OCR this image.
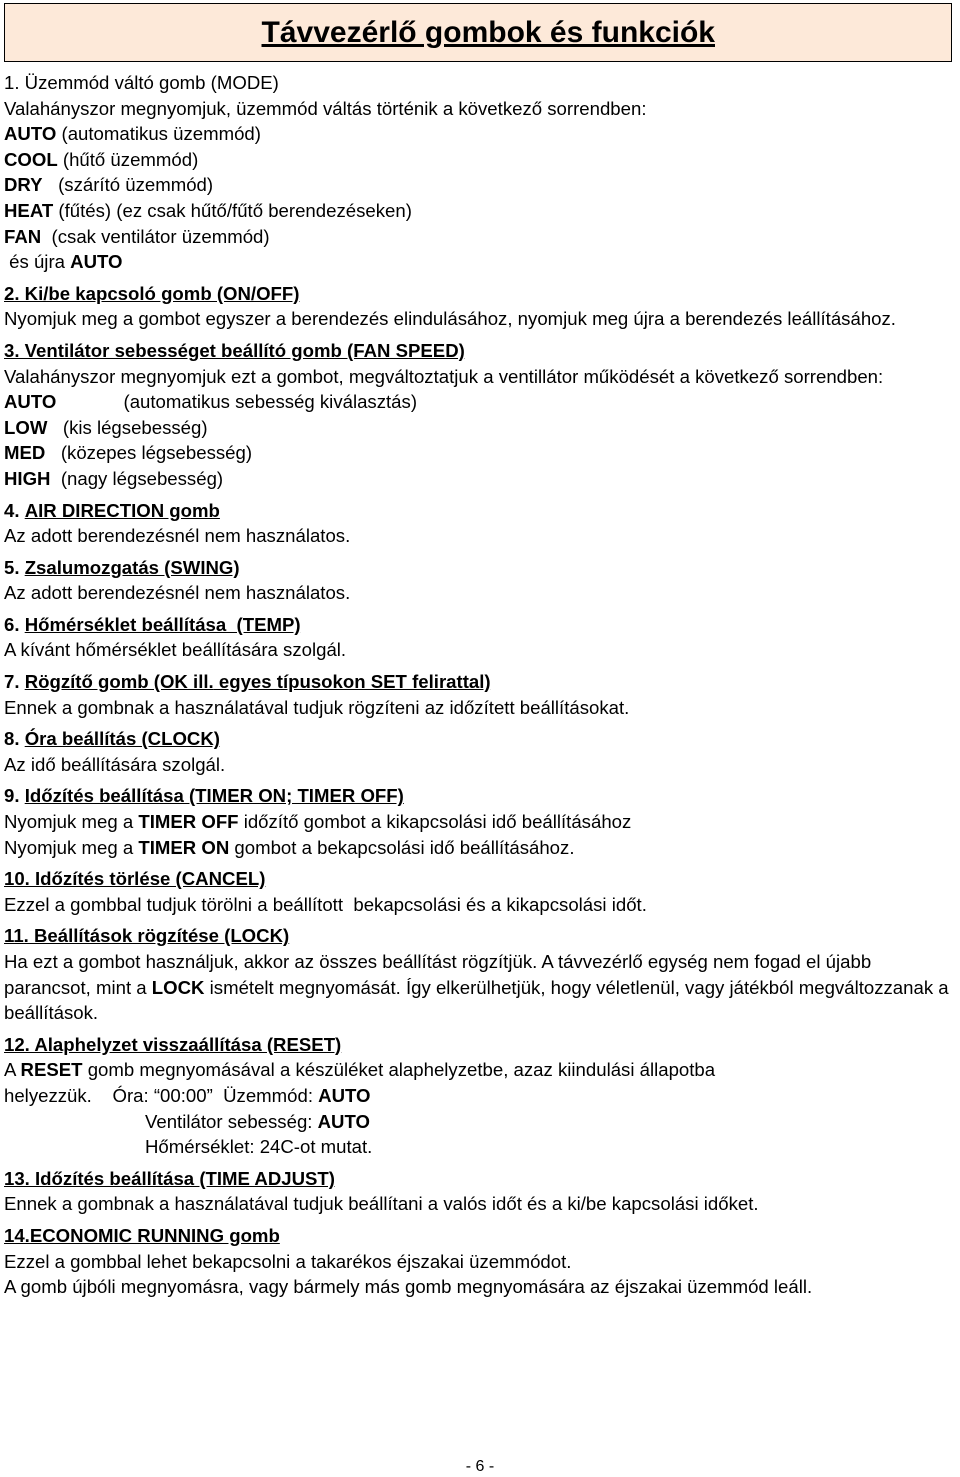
Távvezérlő gombok és funkciók
1. Üzemmód váltó gomb (MODE)
Valahányszor megnyomjuk, üzemmód váltás történik a következő sorrendben:
AUTO (automatikus üzemmód)
COOL (hűtő üzemmód)
DRY (szárító üzemmód)
HEAT (fűtés) (ez csak hűtő/fűtő berendezéseken)
FAN (csak ventilátor üzemmód)
és újra AUTO
2. Ki/be kapcsoló gomb (ON/OFF)
Nyomjuk meg a gombot egyszer a berendezés elindulásához, nyomjuk meg újra a berendezés leállításához.
3. Ventilátor sebességet beállító gomb (FAN SPEED)
Valahányszor megnyomjuk ezt a gombot, megváltoztatjuk a ventillátor működését a következő sorrendben:
AUTO	(automatikus sebesség kiválasztás)
LOW (kis légsebesség)
MED (közepes légsebesség)
HIGH (nagy légsebesség)
4. AIR DIRECTION gomb
Az adott berendezésnél nem használatos.
5. Zsalumozgatás (SWING)
Az adott berendezésnél nem használatos.
6. Hőmérséklet beállítása  (TEMP)
A kívánt hőmérséklet beállítására szolgál.
7. Rögzítő gomb (OK ill. egyes típusokon SET felirattal)
Ennek a gombnak a használatával tudjuk rögzíteni az időzített beállításokat.
8. Óra beállítás (CLOCK)
Az idő beállítására szolgál.
9. Időzítés beállítása (TIMER ON; TIMER OFF)
Nyomjuk meg a TIMER OFF időzítő gombot a kikapcsolási idő beállításához
Nyomjuk meg a TIMER ON gombot a bekapcsolási idő beállításához.
10. Időzítés törlése (CANCEL)
Ezzel a gombbal tudjuk törölni a beállított  bekapcsolási és a kikapcsolási időt.
11. Beállítások rögzítése (LOCK)
Ha ezt a gombot használjuk, akkor az összes beállítást rögzítjük. A távvezérlő egység nem fogad el újabb parancsot, mint a LOCK ismételt megnyomását. Így elkerülhetjük, hogy véletlenül, vagy játékból megváltozzanak a beállítások.
12. Alaphelyzet visszaállítása (RESET)
A RESET gomb megnyomásával a készüléket alaphelyzetbe, azaz kiindulási állapotba
helyezzük. Óra: “00:00”  Üzemmód: AUTO
Ventilátor sebesség: AUTO
Hőmérséklet: 24C-ot mutat.
13. Időzítés beállítása (TIME ADJUST)
Ennek a gombnak a használatával tudjuk beállítani a valós időt és a ki/be kapcsolási időket.
14.ECONOMIC RUNNING gomb
Ezzel a gombbal lehet bekapcsolni a takarékos éjszakai üzemmódot.
A gomb újbóli megnyomásra, vagy bármely más gomb megnyomására az éjszakai üzemmód leáll.
- 6 -
